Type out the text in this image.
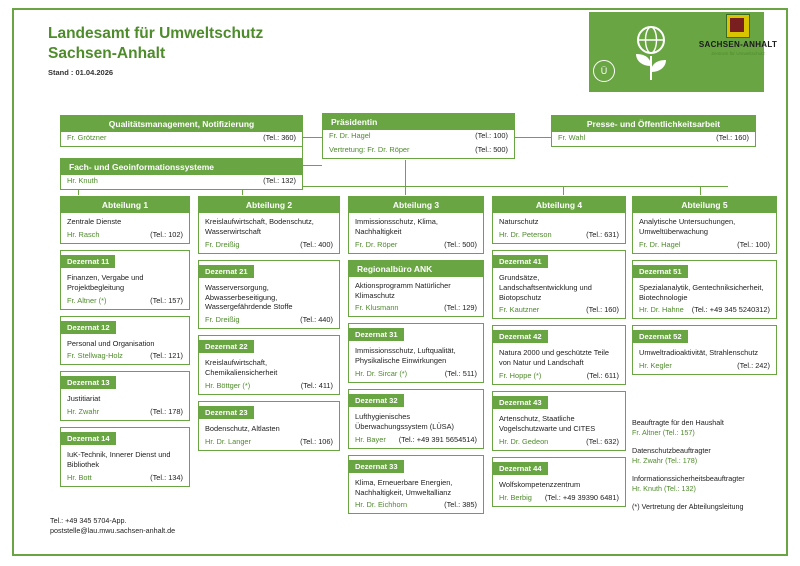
Landesamt für Umweltschutz
Sachsen-Anhalt
Stand : 01.04.2026	Ü
SACHSEN-ANHALT
Zentrum für Umweltschutz
Qualitätsmanagement, Notifizierung
Fr. Grötzner	(Tel.: 360)
Fach- und Geoinformationssysteme
Hr. Knuth	(Tel.: 132)
Präsidentin
Fr. Dr. Hagel	(Tel.: 100)
Vertretung: Fr. Dr. Röper	(Tel.: 500)
Presse- und Öffentlichkeitsarbeit
Fr. Wahl	(Tel.: 160)
Abteilung 1
Zentrale Dienste
Hr. Rasch	(Tel.: 102)
Dezernat 11
Finanzen, Vergabe und Projektbegleitung
Fr. Altner (*)	(Tel.: 157)
Dezernat 12
Personal und Organisation
Fr. Stellwag-Holz	(Tel.: 121)
Dezernat 13
Justitiariat
Hr. Zwahr	(Tel.: 178)
Dezernat 14
IuK-Technik, Innerer Dienst und Bibliothek
Hr. Bott	(Tel.: 134)
Abteilung 2
Kreislaufwirtschaft, Bodenschutz, Wasserwirtschaft
Fr. Dreißig	(Tel.: 400)
Dezernat 21
Wasserversorgung, Abwasserbeseitigung, Wassergefährdende Stoffe
Fr. Dreißig	(Tel.: 440)
Dezernat 22
Kreislaufwirtschaft, Chemikaliensicherheit
Hr. Böttger (*)	(Tel.: 411)
Dezernat 23
Bodenschutz, Altlasten
Hr. Dr. Langer	(Tel.: 106)
Abteilung 3
Immissionsschutz, Klima, Nachhaltigkeit
Fr. Dr. Röper	(Tel.: 500)
Regionalbüro ANK
Aktionsprogramm Natürlicher Klimaschutz
Fr. Klusmann	(Tel.: 129)
Dezernat 31
Immissionsschutz, Luftqualität, Physikalische Einwirkungen
Hr. Dr. Sircar (*)	(Tel.: 511)
Dezernat 32
Lufthygienisches Überwachungssystem (LÜSA)
Hr. Bayer (Tel.: +49 391 5654514)
Dezernat 33
Klima, Erneuerbare Energien, Nachhaltigkeit, Umweltallianz
Hr. Dr. Eichhorn	(Tel.: 385)
Abteilung 4
Naturschutz
Hr. Dr. Peterson	(Tel.: 631)
Dezernat 41
Grundsätze, Landschaftsentwicklung und Biotopschutz
Fr. Kautzner	(Tel.: 160)
Dezernat 42
Natura 2000 und geschützte Teile von Natur und Landschaft
Fr. Hoppe (*)	(Tel.: 611)
Dezernat 43
Artenschutz, Staatliche Vogelschutzwarte und CITES
Hr. Dr. Gedeon	(Tel.: 632)
Dezernat 44
Wolfskompetenzzentrum
Hr. Berbig (Tel.: +49 39390 6481)
Abteilung 5
Analytische Untersuchungen, Umweltüberwachung
Fr. Dr. Hagel	(Tel.: 100)
Dezernat 51
Spezialanalytik, Gentechniksicherheit, Biotechnologie
Hr. Dr. Hahne (Tel.: +49 345 5240312)
Dezernat 52
Umweltradioaktivität, Strahlenschutz
Hr. Kegler	(Tel.: 242)
Beauftragte für den Haushalt
Fr. Altner (Tel.: 157)
Datenschutzbeauftragter
Hr. Zwahr (Tel.: 178)
Informationssicherheitsbeauftragter
Hr. Knuth (Tel.: 132)
(*) Vertretung der Abteilungsleitung
Tel.: +49 345 5704-App.
poststelle@lau.mwu.sachsen-anhalt.de
